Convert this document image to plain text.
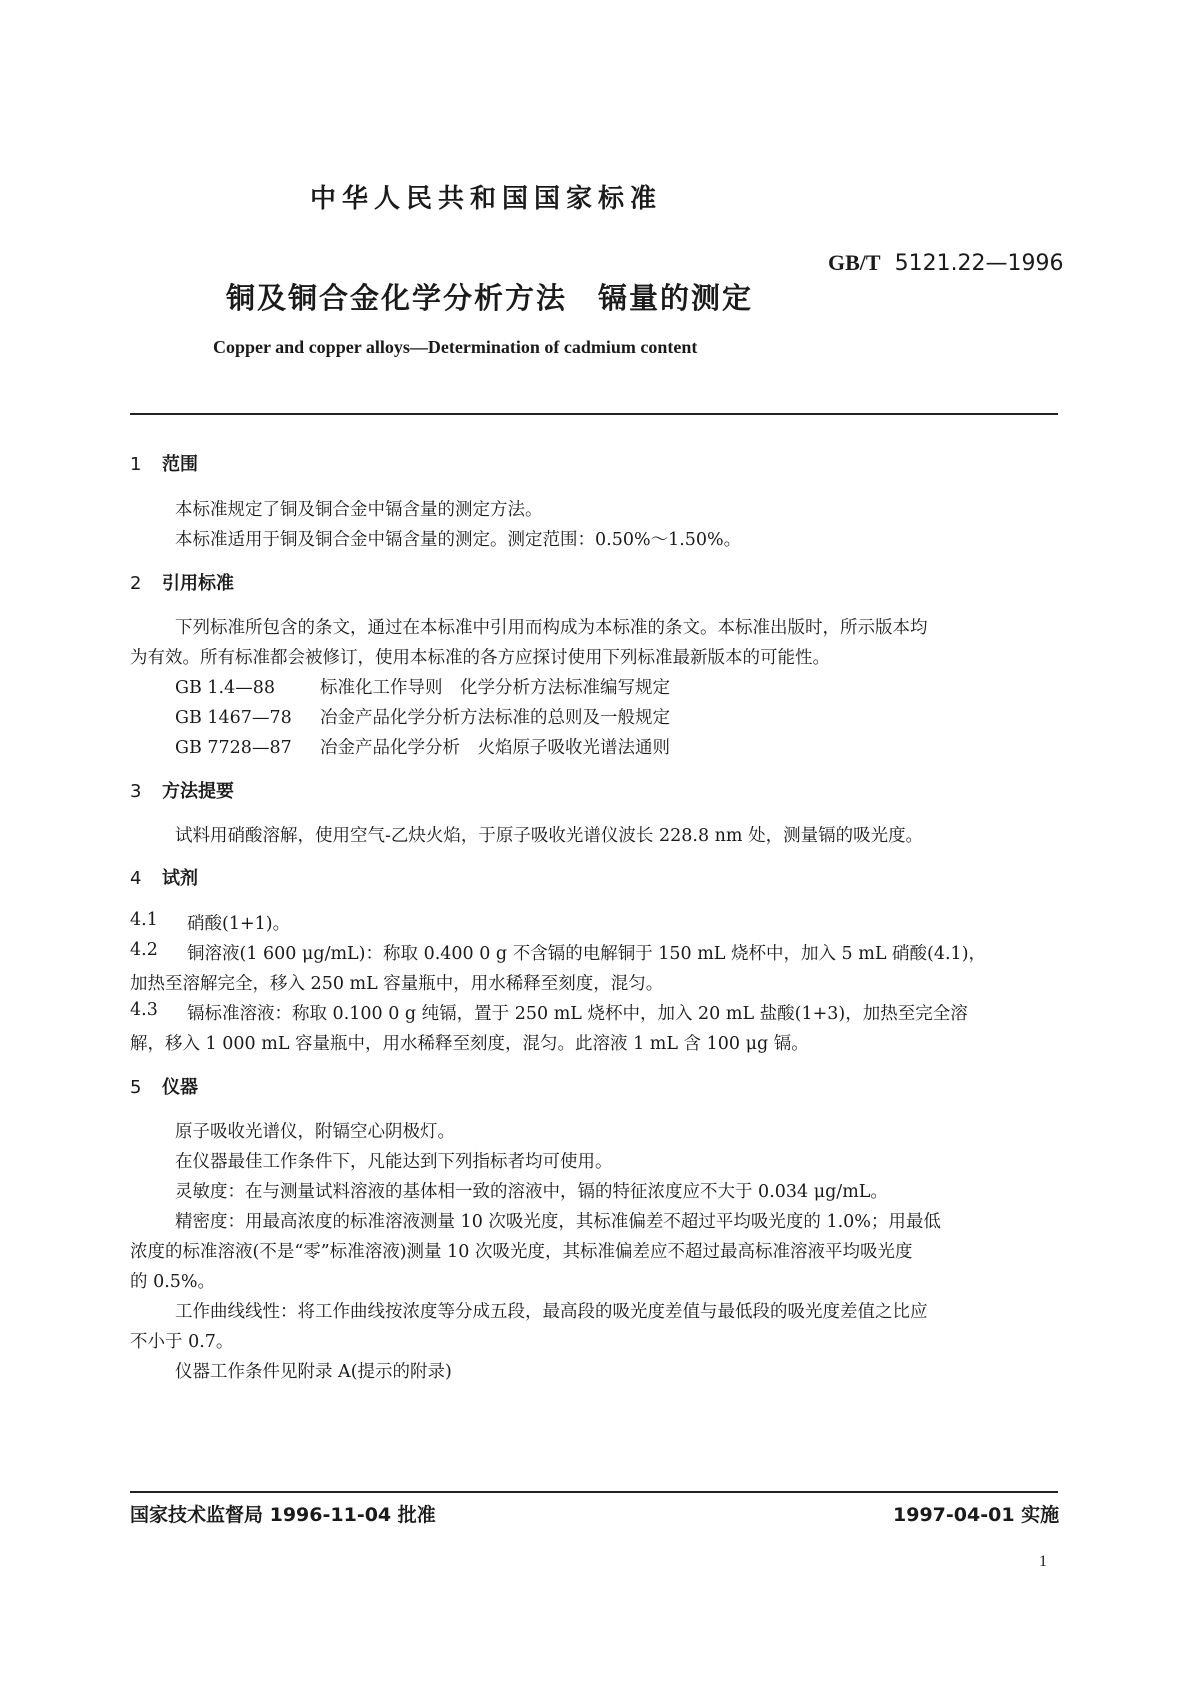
中华人民共和国国家标准
GB/T 5121.22—1996
铜及铜合金化学分析方法　镉量的测定
Copper and copper alloys—Determination of cadmium content
1 范围
本标准规定了铜及铜合金中镉含量的测定方法。
本标准适用于铜及铜合金中镉含量的测定。测定范围：0.50%～1.50%。
2 引用标准
下列标准所包含的条文，通过在本标准中引用而构成为本标准的条文。本标准出版时，所示版本均
为有效。所有标准都会被修订，使用本标准的各方应探讨使用下列标准最新版本的可能性。
GB 1.4—88	标准化工作导则　化学分析方法标准编写规定
GB 1467—78 冶金产品化学分析方法标准的总则及一般规定
GB 7728—87 冶金产品化学分析　火焰原子吸收光谱法通则
3 方法提要
试料用硝酸溶解，使用空气-乙炔火焰，于原子吸收光谱仪波长 228.8 nm 处，测量镉的吸光度。
4 试剂
4.1 硝酸(1+1)。
4.2 铜溶液(1 600 μg/mL)：称取 0.400 0 g 不含镉的电解铜于 150 mL 烧杯中，加入 5 mL 硝酸(4.1)，
加热至溶解完全，移入 250 mL 容量瓶中，用水稀释至刻度，混匀。
4.3 镉标准溶液：称取 0.100 0 g 纯镉，置于 250 mL 烧杯中，加入 20 mL 盐酸(1+3)，加热至完全溶
解，移入 1 000 mL 容量瓶中，用水稀释至刻度，混匀。此溶液 1 mL 含 100 μg 镉。
5 仪器
原子吸收光谱仪，附镉空心阴极灯。
在仪器最佳工作条件下，凡能达到下列指标者均可使用。
灵敏度：在与测量试料溶液的基体相一致的溶液中，镉的特征浓度应不大于 0.034 μg/mL。
精密度：用最高浓度的标准溶液测量 10 次吸光度，其标准偏差不超过平均吸光度的 1.0%；用最低
浓度的标准溶液(不是“零”标准溶液)测量 10 次吸光度，其标准偏差应不超过最高标准溶液平均吸光度
的 0.5%。
工作曲线线性：将工作曲线按浓度等分成五段，最高段的吸光度差值与最低段的吸光度差值之比应
不小于 0.7。
仪器工作条件见附录 A(提示的附录)
国家技术监督局 1996-11-04 批准	1997-04-01 实施
1
